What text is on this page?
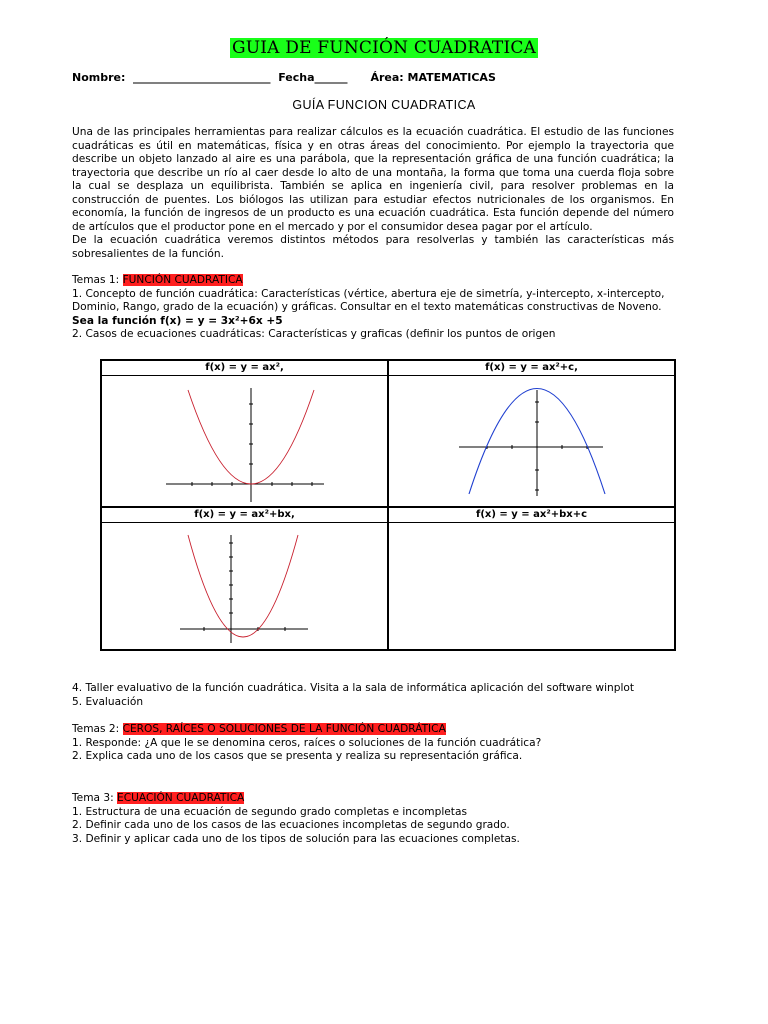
GUIA DE FUNCIÓN CUADRATICA
Nombre:  _________________________  Fecha______      Área: MATEMATICAS
GUÍA FUNCION CUADRATICA

Una de las principales herramientas para realizar cálculos es la ecuación cuadrática. El estudio de las funciones cuadráticas es útil en matemáticas, física y en otras áreas del conocimiento. Por ejemplo la trayectoria que describe un objeto lanzado al aire es una parábola, que la representación gráfica de una función cuadrática; la trayectoria que describe un río al caer desde lo alto de una montaña, la forma que toma una cuerda floja sobre la cual se desplaza un equilibrista. También se aplica en ingeniería civil, para resolver problemas en la construcción de puentes. Los biólogos las utilizan para estudiar efectos nutricionales de los organismos. En economía, la función de ingresos de un producto es una ecuación cuadrática. Esta función depende del número de artículos que el productor pone en el mercado y por el consumidor desea pagar por el artículo.

De la ecuación cuadrática veremos distintos métodos para resolverlas y también las características más sobresalientes de la función.

Temas 1: FUNCIÓN CUADRATICA

1. Concepto de función cuadrática: Características (vértice, abertura eje de simetría, y-intercepto, x-intercepto, Dominio, Rango, grado de la ecuación) y gráficas. Consultar en el texto matemáticas constructivas de Noveno.

Sea la función f(x) = y = 3x²+6x +5

2. Casos de ecuaciones cuadráticas: Características y graficas (definir los puntos de origen

f(x) = y = ax²,	f(x) = y = ax²+c,

f(x) = y = ax²+bx,	f(x) = y = ax²+bx+c

4. Taller evaluativo de la función cuadrática. Visita a la sala de informática aplicación del software winplot

5. Evaluación

Temas 2: CEROS, RAÍCES O SOLUCIONES DE LA FUNCIÓN CUADRÁTICA

1. Responde: ¿A que le se denomina ceros, raíces o soluciones de la función cuadrática?

2. Explica cada uno de los casos que se presenta y realiza su representación gráfica.

Tema 3: ECUACIÓN CUADRATICA

1. Estructura de una ecuación de segundo grado completas e incompletas

2. Definir cada uno de los casos de las ecuaciones incompletas de segundo grado.

3. Definir y aplicar cada uno de los tipos de solución para las ecuaciones completas.
